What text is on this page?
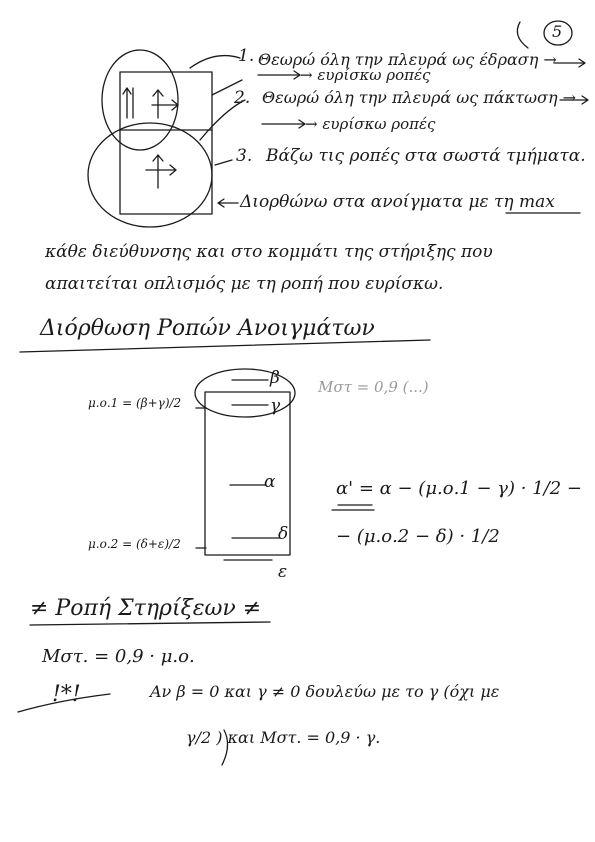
5
1. Θεωρώ όλη την πλευρά ως έδραση →
→ ευρίσκω ροπές
2. Θεωρώ όλη την πλευρά ως πάκτωση →
→ ευρίσκω ροπές
3. Βάζω τις ροπές στα σωστά τμήματα.
Διορθώνω στα ανοίγματα με τη max
κάθε διεύθυνσης και στο κομμάτι της στήριξης που
απαιτείται οπλισμός με τη ροπή που ευρίσκω.
Διόρθωση Ροπών Ανοιγμάτων
β
γ
α
δ
ε
μ.ο.1 = (β+γ)/2
μ.ο.2 = (δ+ε)/2
Mστ = 0,9 (...)
α' = α − (μ.ο.1 − γ) · 1/2 −
− (μ.ο.2 − δ) · 1/2
≠ Ροπή Στηρίξεων ≠
Mστ. = 0,9 · μ.ο.
!*!	Αν β = 0 και γ ≠ 0 δουλεύω με το γ (όχι με
γ/2 ) και Mστ. = 0,9 · γ.
